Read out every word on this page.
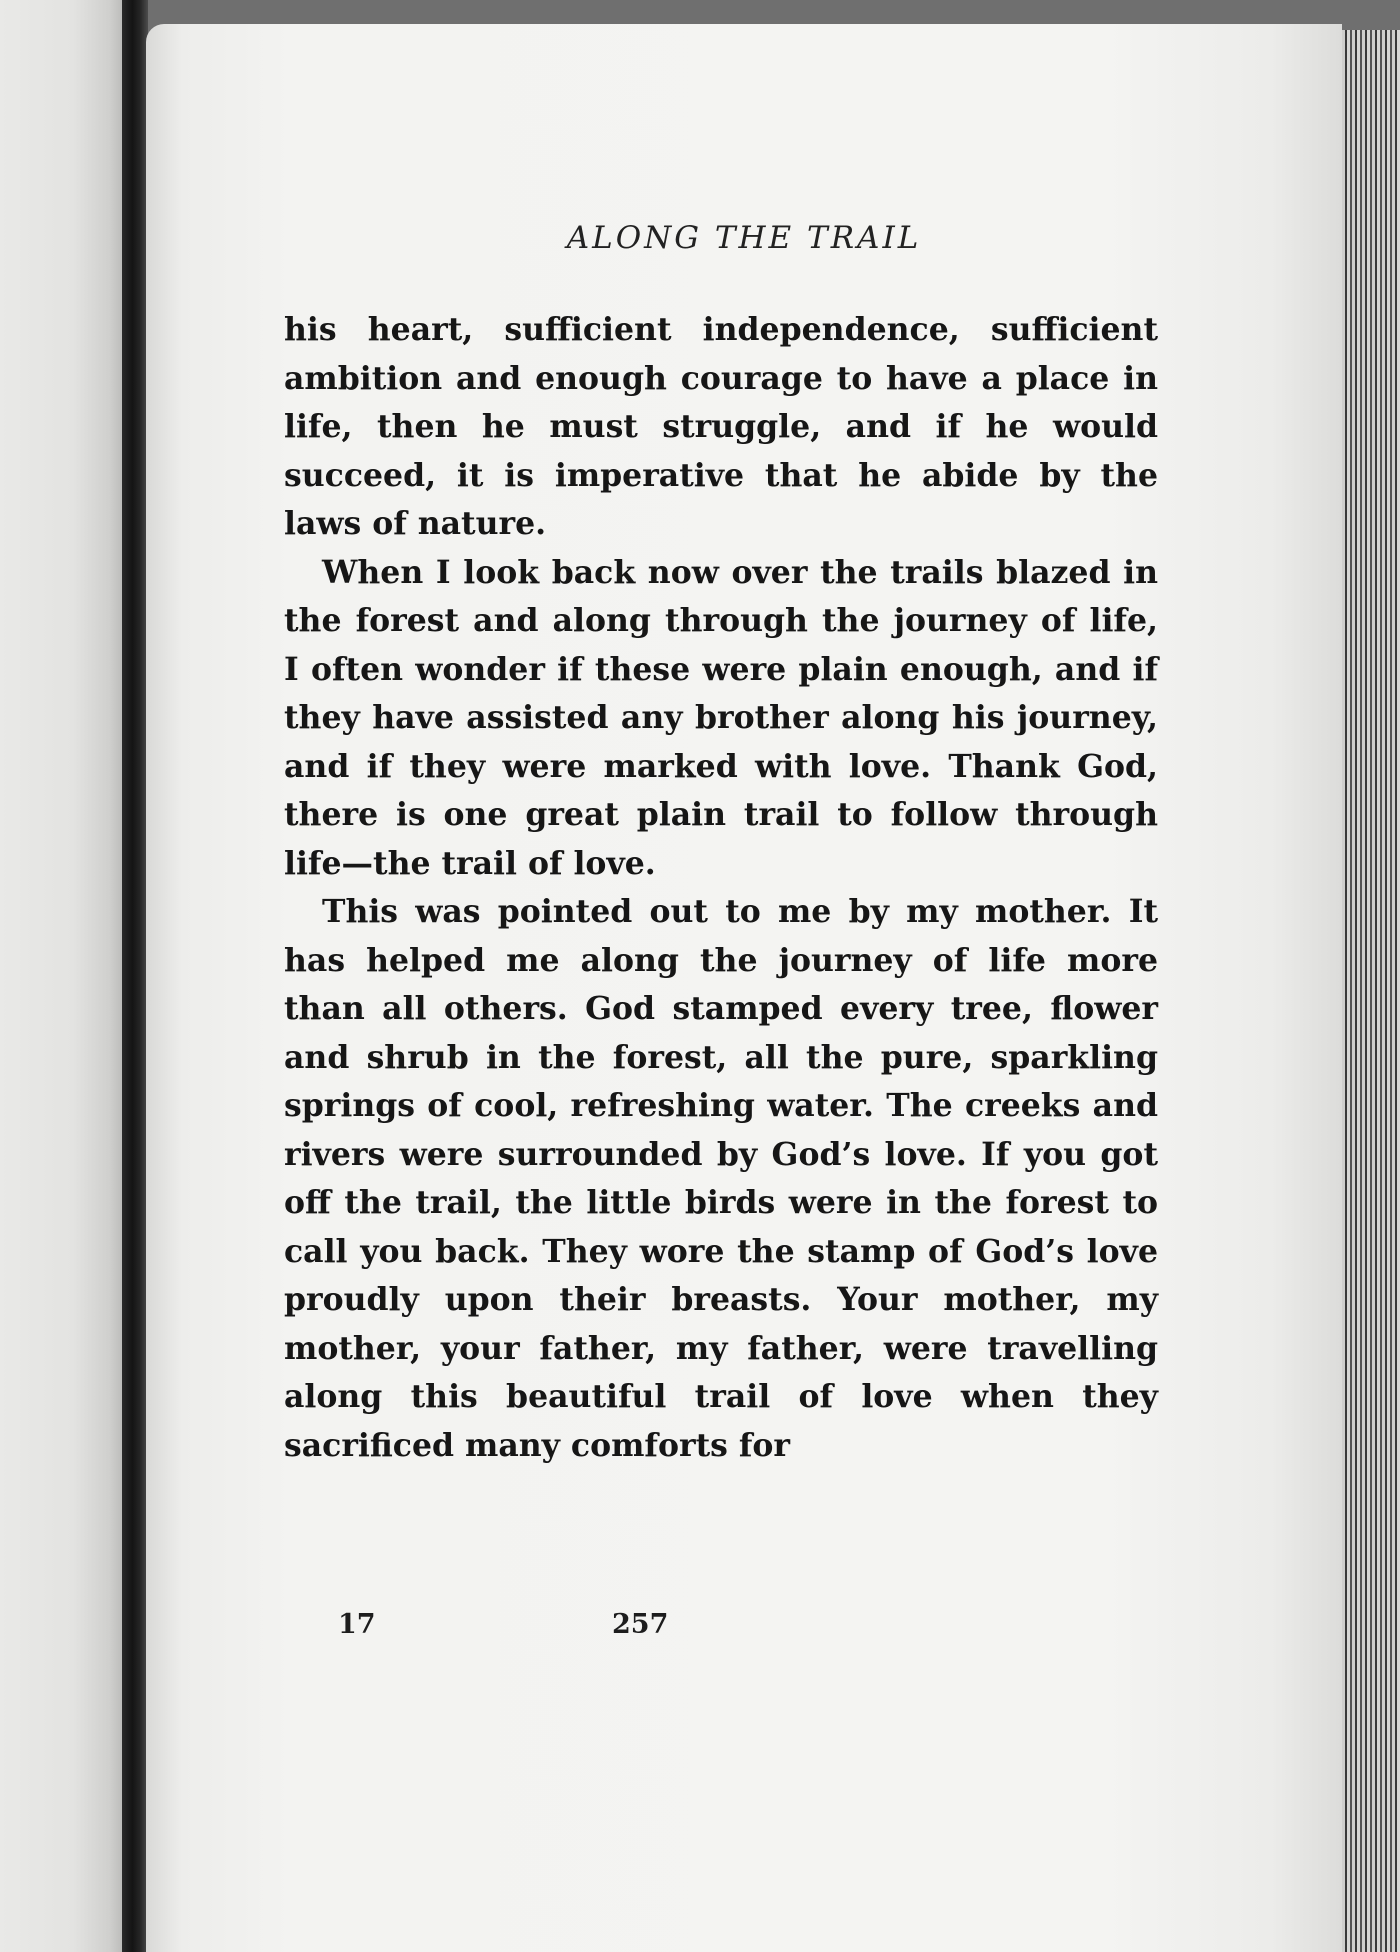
ALONG THE TRAIL

his heart, sufficient independence, sufficient ambition and enough courage to have a place in life, then he must struggle, and if he would succeed, it is imperative that he abide by the laws of nature.

When I look back now over the trails blazed in the forest and along through the journey of life, I often wonder if these were plain enough, and if they have assisted any brother along his journey, and if they were marked with love. Thank God, there is one great plain trail to follow through life—the trail of love.

This was pointed out to me by my mother. It has helped me along the journey of life more than all others. God stamped every tree, flower and shrub in the forest, all the pure, sparkling springs of cool, refreshing water. The creeks and rivers were surrounded by God’s love. If you got off the trail, the little birds were in the forest to call you back. They wore the stamp of God’s love proudly upon their breasts. Your mother, my mother, your father, my father, were travelling along this beautiful trail of love when they sacrificed many comforts for

17	257
